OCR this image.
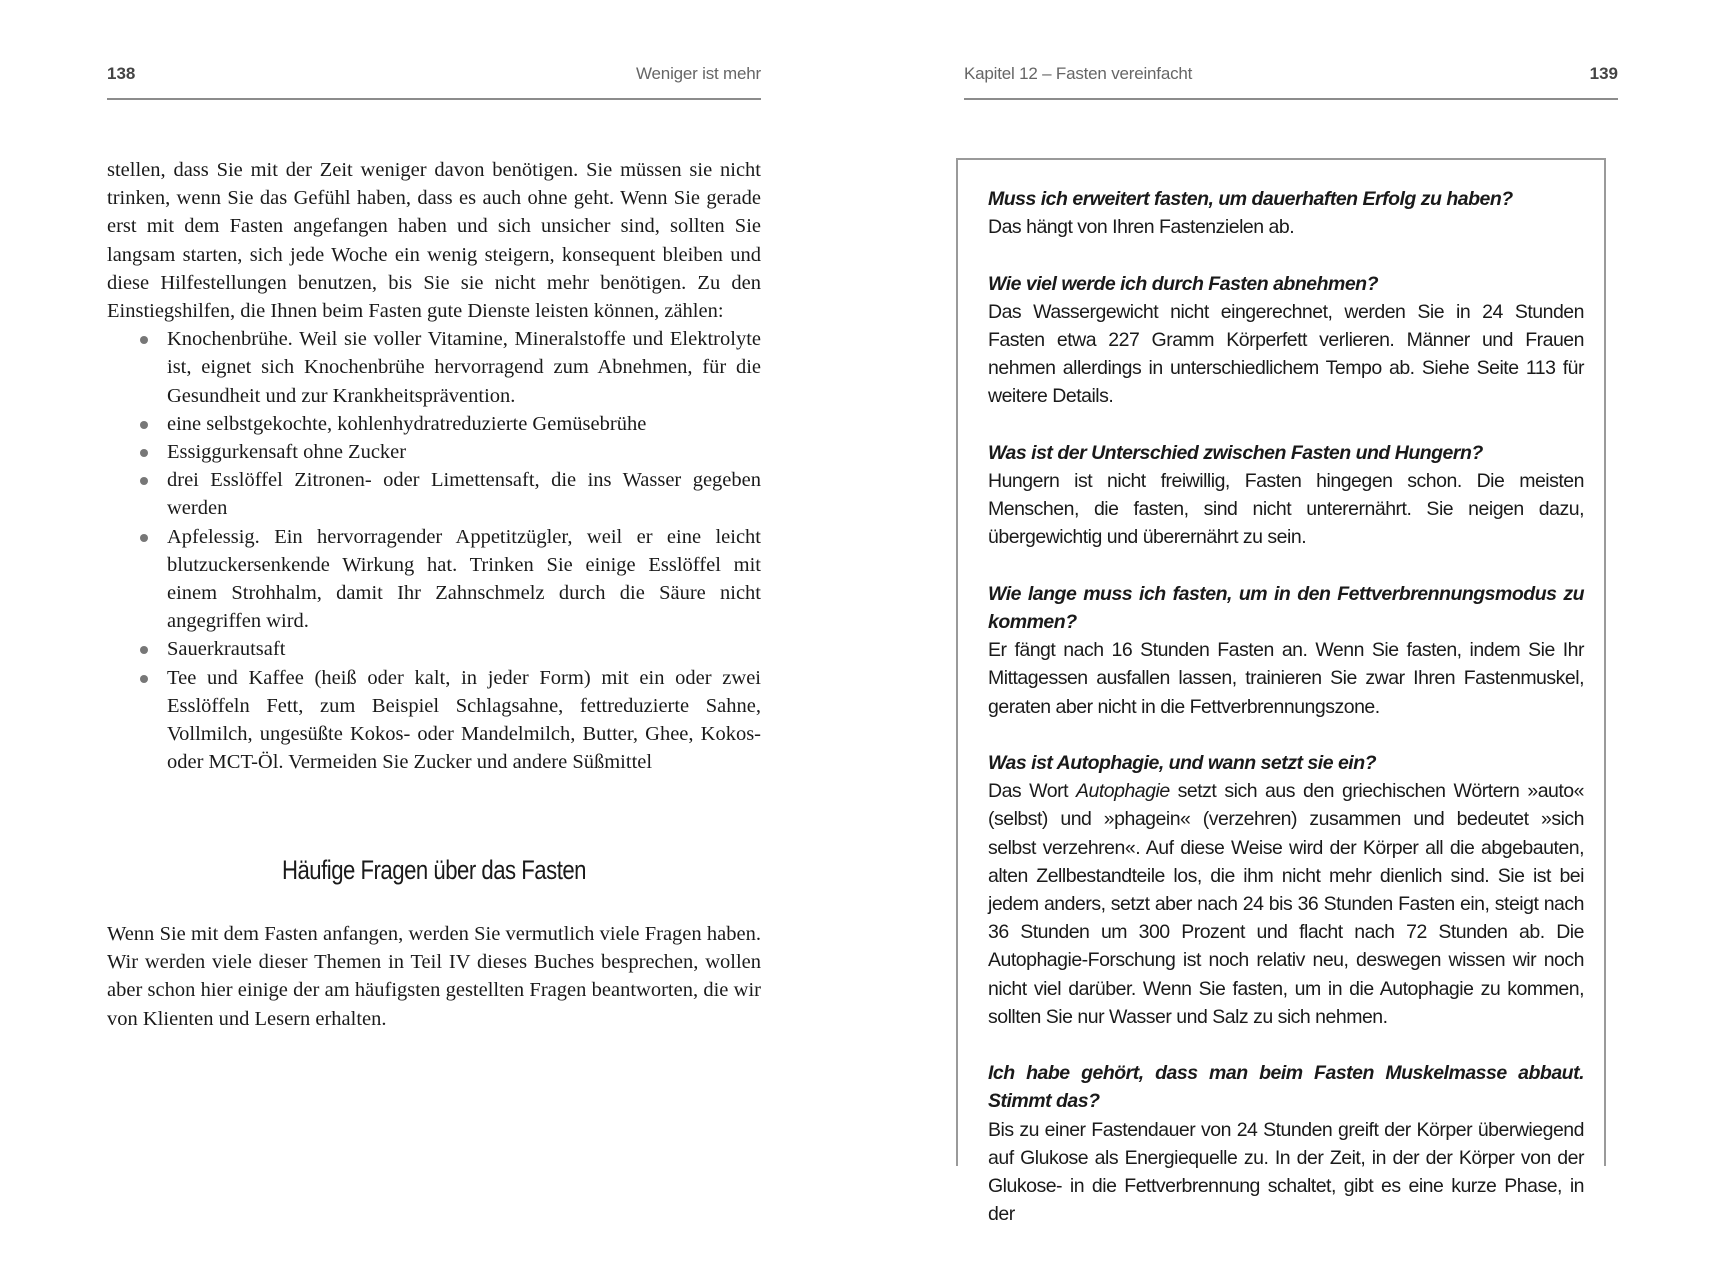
138	Weniger ist mehr

stellen, dass Sie mit der Zeit weniger davon benötigen. Sie müssen sie nicht trinken, wenn Sie das Gefühl haben, dass es auch ohne geht. Wenn Sie gerade erst mit dem Fasten angefangen haben und sich unsicher sind, sollten Sie langsam starten, sich jede Woche ein wenig steigern, konsequent bleiben und diese Hilfestellungen benutzen, bis Sie sie nicht mehr benötigen. Zu den Einstiegshilfen, die Ihnen beim Fasten gute Dienste leisten können, zählen:

Knochenbrühe. Weil sie voller Vitamine, Mineralstoffe und Elektrolyte ist, eignet sich Knochenbrühe hervorragend zum Abnehmen, für die Gesundheit und zur Krankheitsprävention.
eine selbstgekochte, kohlenhydratreduzierte Gemüsebrühe
Essiggurkensaft ohne Zucker
drei Esslöffel Zitronen- oder Limettensaft, die ins Wasser gegeben werden
Apfelessig. Ein hervorragender Appetitzügler, weil er eine leicht blutzuckersenkende Wirkung hat. Trinken Sie einige Esslöffel mit einem Strohhalm, damit Ihr Zahnschmelz durch die Säure nicht angegriffen wird.
Sauerkrautsaft
Tee und Kaffee (heiß oder kalt, in jeder Form) mit ein oder zwei Esslöffeln Fett, zum Beispiel Schlagsahne, fettreduzierte Sahne, Vollmilch, ungesüßte Kokos- oder Mandelmilch, Butter, Ghee, Kokos- oder MCT-Öl. Vermeiden Sie Zucker und andere Süßmittel
Häufige Fragen über das Fasten

Wenn Sie mit dem Fasten anfangen, werden Sie vermutlich viele Fragen haben. Wir werden viele dieser Themen in Teil IV dieses Buches besprechen, wollen aber schon hier einige der am häufigsten gestellten Fragen beantworten, die wir von Klienten und Lesern erhalten.

Kapitel 12 – Fasten vereinfacht	139

Muss ich erweitert fasten, um dauerhaften Erfolg zu haben?

Das hängt von Ihren Fastenzielen ab.

Wie viel werde ich durch Fasten abnehmen?

Das Wassergewicht nicht eingerechnet, werden Sie in 24 Stunden Fasten etwa 227 Gramm Körperfett verlieren. Männer und Frauen nehmen allerdings in unterschiedlichem Tempo ab. Siehe Seite 113 für weitere Details.

Was ist der Unterschied zwischen Fasten und Hungern?

Hungern ist nicht freiwillig, Fasten hingegen schon. Die meisten Menschen, die fasten, sind nicht unterernährt. Sie neigen dazu, übergewichtig und überernährt zu sein.

Wie lange muss ich fasten, um in den Fettverbrennungsmodus zu kommen?

Er fängt nach 16 Stunden Fasten an. Wenn Sie fasten, indem Sie Ihr Mittagessen ausfallen lassen, trainieren Sie zwar Ihren Fastenmuskel, geraten aber nicht in die Fettverbrennungszone.

Was ist Autophagie, und wann setzt sie ein?

Das Wort Autophagie setzt sich aus den griechischen Wörtern »auto« (selbst) und »phagein« (verzehren) zusammen und bedeutet »sich selbst verzehren«. Auf diese Weise wird der Körper all die abgebauten, alten Zellbestandteile los, die ihm nicht mehr dienlich sind. Sie ist bei jedem anders, setzt aber nach 24 bis 36 Stunden Fasten ein, steigt nach 36 Stunden um 300 Prozent und flacht nach 72 Stunden ab. Die Autophagie-Forschung ist noch relativ neu, deswegen wissen wir noch nicht viel darüber. Wenn Sie fasten, um in die Autophagie zu kommen, sollten Sie nur Wasser und Salz zu sich nehmen.

Ich habe gehört, dass man beim Fasten Muskelmasse abbaut. Stimmt das?

Bis zu einer Fastendauer von 24 Stunden greift der Körper überwiegend auf Glukose als Energiequelle zu. In der Zeit, in der der Körper von der Glukose- in die Fettverbrennung schaltet, gibt es eine kurze Phase, in der
